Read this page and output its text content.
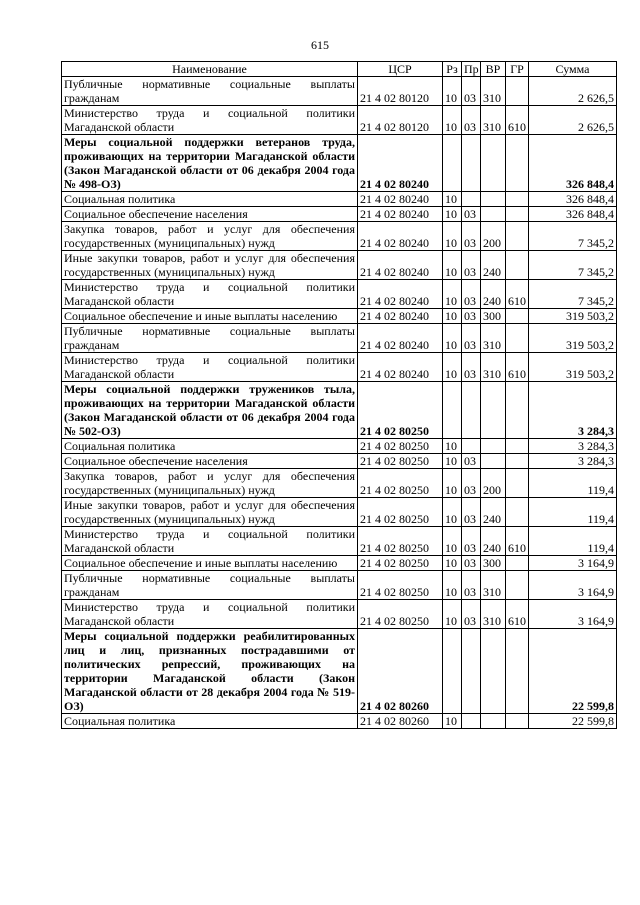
615
Наименование	ЦСР	Рз	Пр	ВР	ГР	Сумма
Публичные нормативные социальные выплаты гражданам	21 4 02 80120	10	03	310		2 626,5
Министерство труда и социальной политики Магаданской области	21 4 02 80120	10	03	310	610	2 626,5
Меры социальной поддержки ветеранов труда, проживающих на территории Магаданской области (Закон Магаданской области от 06 декабря 2004 года № 498-ОЗ)	21 4 02 80240					326 848,4
Социальная политика	21 4 02 80240	10				326 848,4
Социальное обеспечение населения	21 4 02 80240	10	03			326 848,4
Закупка товаров, работ и услуг для обеспечения государственных (муниципальных) нужд	21 4 02 80240	10	03	200		7 345,2
Иные закупки товаров, работ и услуг для обеспечения государственных (муниципальных) нужд	21 4 02 80240	10	03	240		7 345,2
Министерство труда и социальной политики Магаданской области	21 4 02 80240	10	03	240	610	7 345,2
Социальное обеспечение и иные выплаты населению	21 4 02 80240	10	03	300		319 503,2
Публичные нормативные социальные выплаты гражданам	21 4 02 80240	10	03	310		319 503,2
Министерство труда и социальной политики Магаданской области	21 4 02 80240	10	03	310	610	319 503,2
Меры социальной поддержки тружеников тыла, проживающих на территории Магаданской области (Закон Магаданской области от 06 декабря 2004 года № 502-ОЗ)	21 4 02 80250					3 284,3
Социальная политика	21 4 02 80250	10				3 284,3
Социальное обеспечение населения	21 4 02 80250	10	03			3 284,3
Закупка товаров, работ и услуг для обеспечения государственных (муниципальных) нужд	21 4 02 80250	10	03	200		119,4
Иные закупки товаров, работ и услуг для обеспечения государственных (муниципальных) нужд	21 4 02 80250	10	03	240		119,4
Министерство труда и социальной политики Магаданской области	21 4 02 80250	10	03	240	610	119,4
Социальное обеспечение и иные выплаты населению	21 4 02 80250	10	03	300		3 164,9
Публичные нормативные социальные выплаты гражданам	21 4 02 80250	10	03	310		3 164,9
Министерство труда и социальной политики Магаданской области	21 4 02 80250	10	03	310	610	3 164,9
Меры социальной поддержки реабилитированных лиц и лиц, признанных пострадавшими от политических репрессий, проживающих на территории Магаданской области (Закон Магаданской области от 28 декабря 2004 года № 519-ОЗ)	21 4 02 80260					22 599,8
Социальная политика	21 4 02 80260	10				22 599,8
